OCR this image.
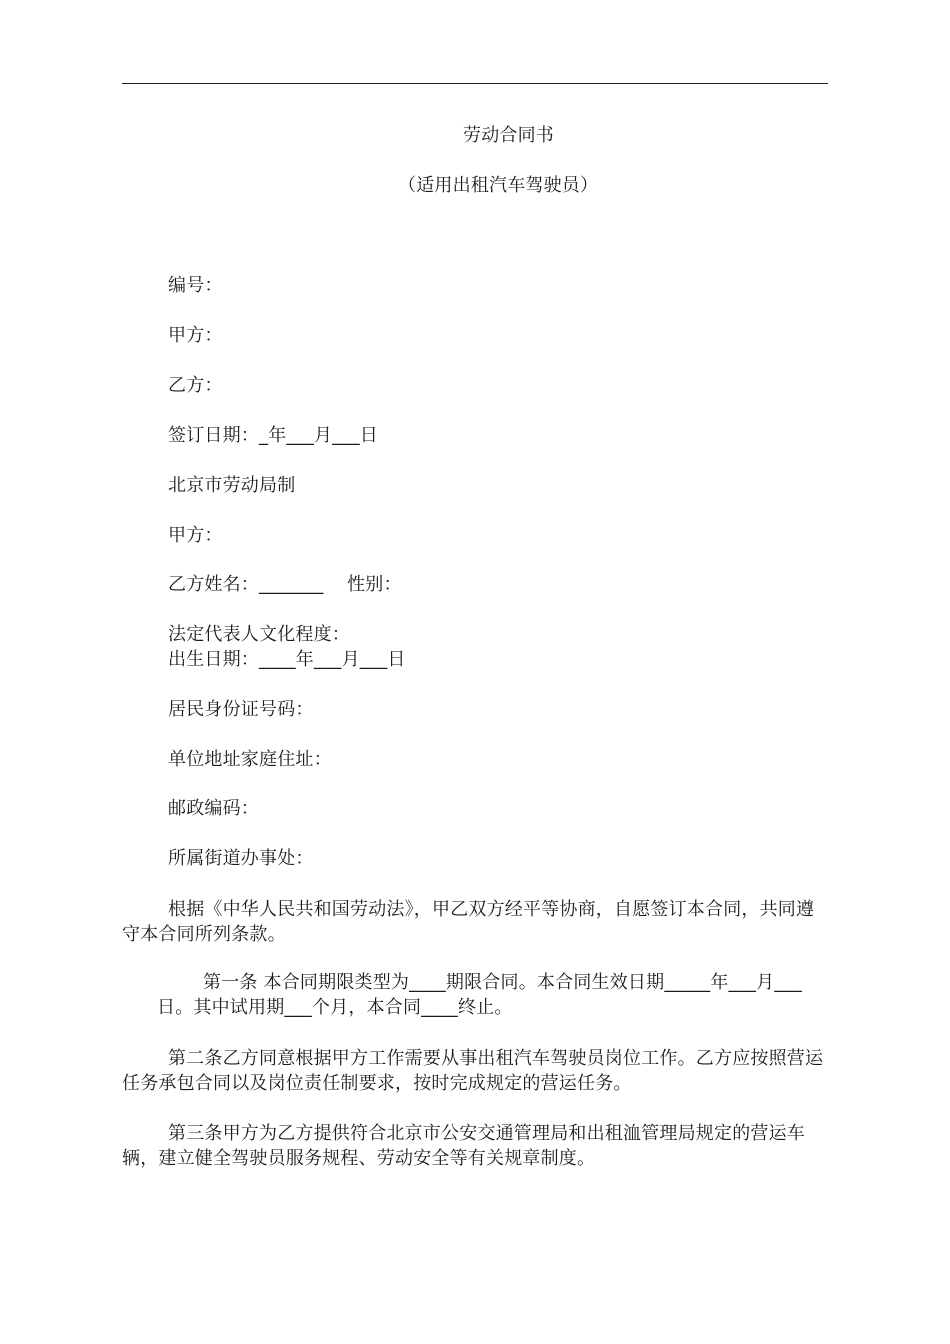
劳动合同书
（适用出租汽车驾驶员）
编号：
甲方：
乙方：
签订日期：_年___月___日
北京市劳动局制
甲方：
乙方姓名：_______    性别：
法定代表人文化程度：
出生日期：____年___月___日
居民身份证号码：
单位地址家庭住址：
邮政编码：
所属街道办事处：
根据《中华人民共和国劳动法》，甲乙双方经平等协商，自愿签订本合同，共同遵守本合同所列条款。
第一条 本合同期限类型为____期限合同。本合同生效日期_____年___月___
日。其中试用期___个月，本合同____终止。
第二条乙方同意根据甲方工作需要从事出租汽车驾驶员岗位工作。乙方应按照营运任务承包合同以及岗位责任制要求，按时完成规定的营运任务。
第三条甲方为乙方提供符合北京市公安交通管理局和出租洫管理局规定的营运车辆，建立健全驾驶员服务规程、劳动安全等有关规章制度。
